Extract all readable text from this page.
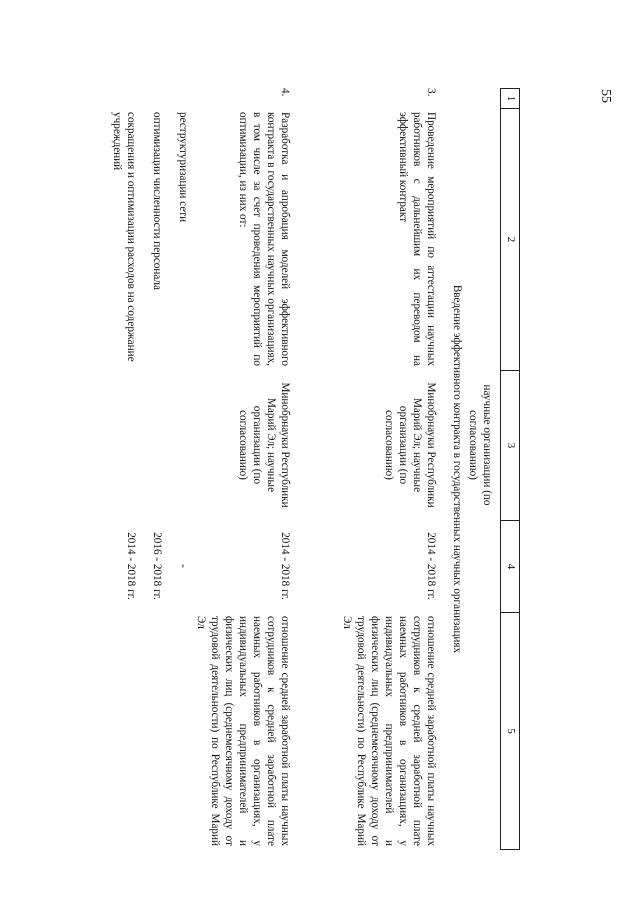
55
1
2
3
4
5
научные организации (по согласованию)
Введение эффективного контракта в государственных научных организациях
3.
Проведение мероприятий по аттестации научных работников с дальнейшим их переводом на эффективный контракт
Минобрнауки Республики Марий Эл; научные организации (по согласованию)
2014 - 2018 гг.
отношение средней заработной платы научных сотрудников к средней заработной плате наемных работников в организациях, у индивидуальных предпринимателей и физических лиц (среднемесячному доходу от трудовой деятельности) по Республике Марий Эл
4.
Разработка и апробация моделей эффективного контракта в государственных научных организациях, в том числе за счет проведения мероприятий по оптимизации, из них от:
Минобрнауки Республики Марий Эл; научные организации (по согласованию)
2014 - 2018 гг.
отношение средней заработной платы научных сотрудников к средней заработной плате наемных работников в организациях, у индивидуальных предпринимателей и физических лиц (среднемесячному доходу от трудовой деятельности) по Республике Марий Эл
реструктуризации сети
-
оптимизации численности персонала
2016 - 2018 гг.
сокращения и оптимизации расходов на содержание учреждений
2014 - 2018 гг.
